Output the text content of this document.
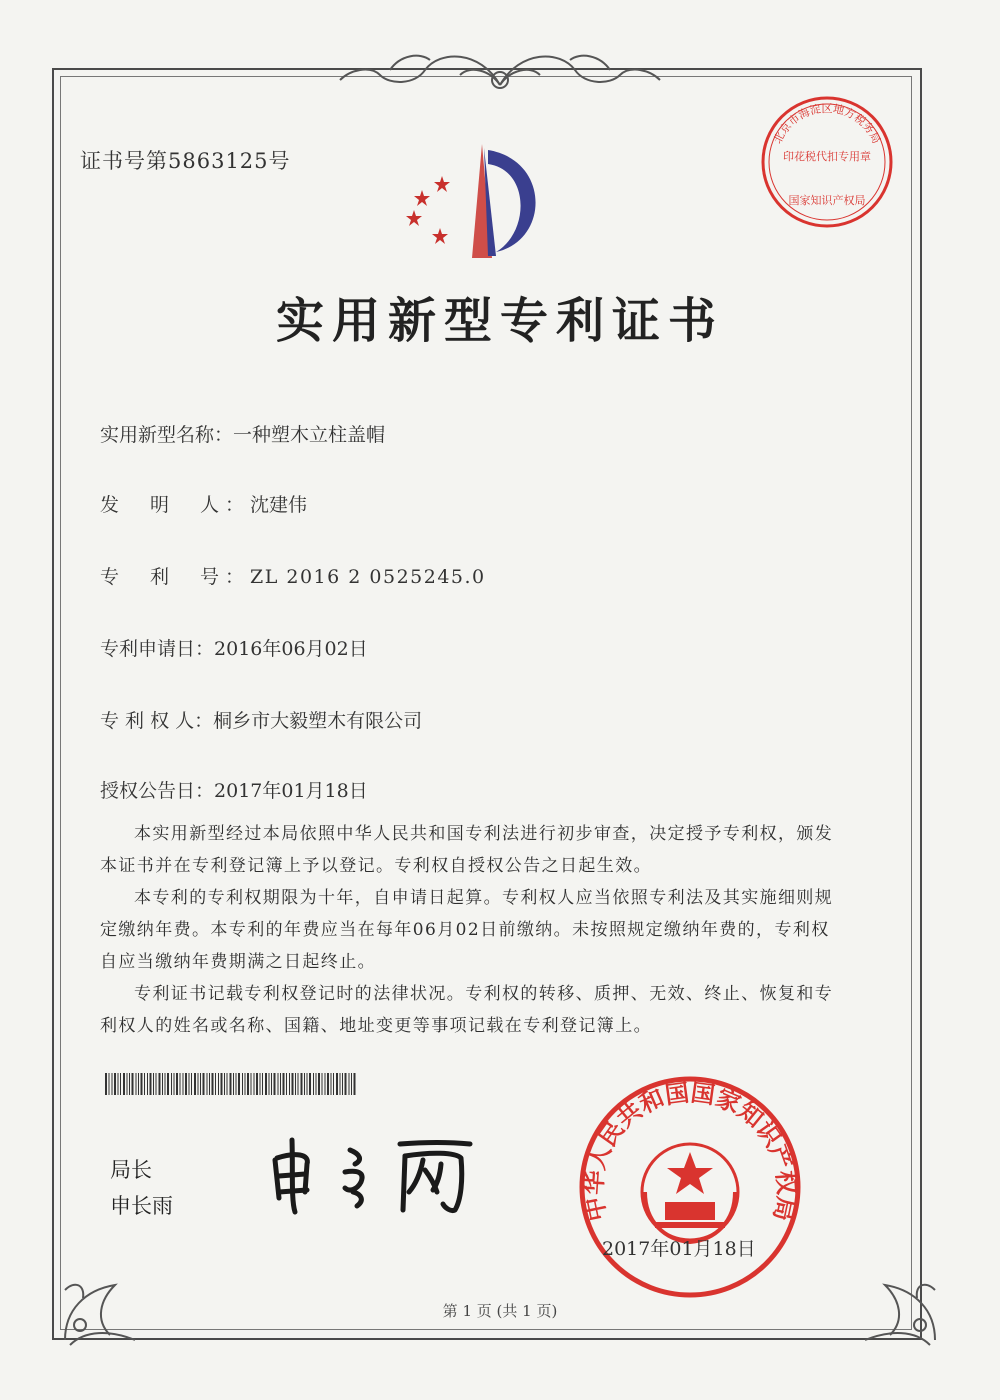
证书号第5863125号
实用新型专利证书
实用新型名称：一种塑木立柱盖帽
发　明　人：沈建伟
专　利　号：ZL 2016 2 0525245.0
专利申请日：2016年06月02日
专 利 权 人：桐乡市大毅塑木有限公司
授权公告日：2017年01月18日

本实用新型经过本局依照中华人民共和国专利法进行初步审查，决定授予专利权，颁发本证书并在专利登记簿上予以登记。专利权自授权公告之日起生效。

本专利的专利权期限为十年，自申请日起算。专利权人应当依照专利法及其实施细则规定缴纳年费。本专利的年费应当在每年06月02日前缴纳。未按照规定缴纳年费的，专利权自应当缴纳年费期满之日起终止。

专利证书记载专利权登记时的法律状况。专利权的转移、质押、无效、终止、恢复和专利权人的姓名或名称、国籍、地址变更等事项记载在专利登记簿上。

局长
申长雨
北京市海淀区地方税务局
印花税代扣专用章
国家知识产权局
中华人民共和国国家知识产权局
2017年01月18日
第 1 页 (共 1 页)
